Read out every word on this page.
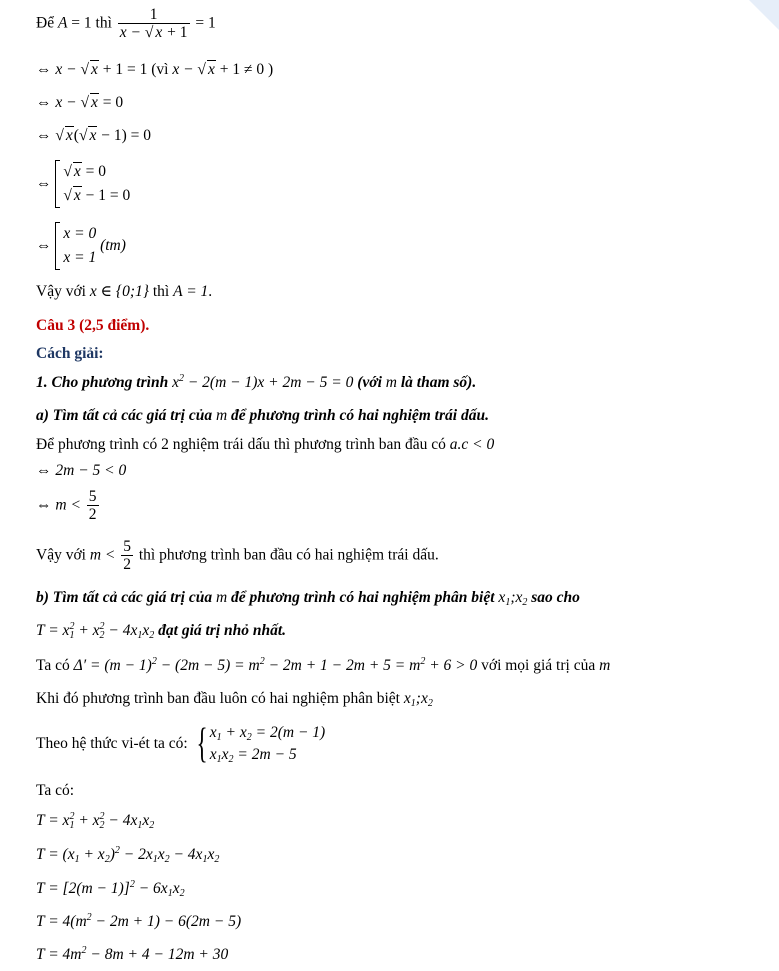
Để A = 1 thì $\frac{1}{x - √ x + 1} = 1$
⇔ x − √ x + 1 = 1 (vì x − √ x + 1 ≠ 0 )
⇔ x − √ x = 0
⇔ √ x(√ x − 1) = 0
⇔
√ x = 0
√ x − 1 = 0
⇔
x = 0
x = 1
(tm)
Vậy với x ∈ {0;1} thì A = 1.
Câu 3 (2,5 điểm).
Cách giải:
1. Cho phương trình $x^2 - 2(m - 1)x + 2m - 5 = 0$ (với m là tham số).
a) Tìm tất cả các giá trị của m để phương trình có hai nghiệm trái dấu.
Để phương trình có 2 nghiệm trái dấu thì phương trình ban đầu có a.c < 0
⇔ 2m − 5 < 0
⇔ $m < \frac{5}{2}$
Vậy với $m < \frac{5}{2}$ thì phương trình ban đầu có hai nghiệm trái dấu.
b) Tìm tất cả các giá trị của m để phương trình có hai nghiệm phân biệt $x_1;x_2$ sao cho
$T = x_1^2 + x_2^2 - 4x_1x_2$ đạt giá trị nhỏ nhất.
Ta có $\Delta' = (m - 1)^2 - (2m - 5) = m^2 - 2m + 1 - 2m + 5 = m^2 + 6 > 0$ với mọi giá trị của m
Khi đó phương trình ban đầu luôn có hai nghiệm phân biệt $x_1;x_2$
Theo hệ thức vi-ét ta có: { $x_1 + x_2 = 2(m - 1)$
$x_1x_2 = 2m - 5$
Ta có:
$T = x_1^2 + x_2^2 - 4x_1x_2$
$T = (x_1 + x_2)^2 - 2x_1x_2 - 4x_1x_2$
$T = [2(m - 1)]^2 - 6x_1x_2$
$T = 4(m^2 - 2m + 1) - 6(2m - 5)$
$T = 4m^2 - 8m + 4 - 12m + 30$
